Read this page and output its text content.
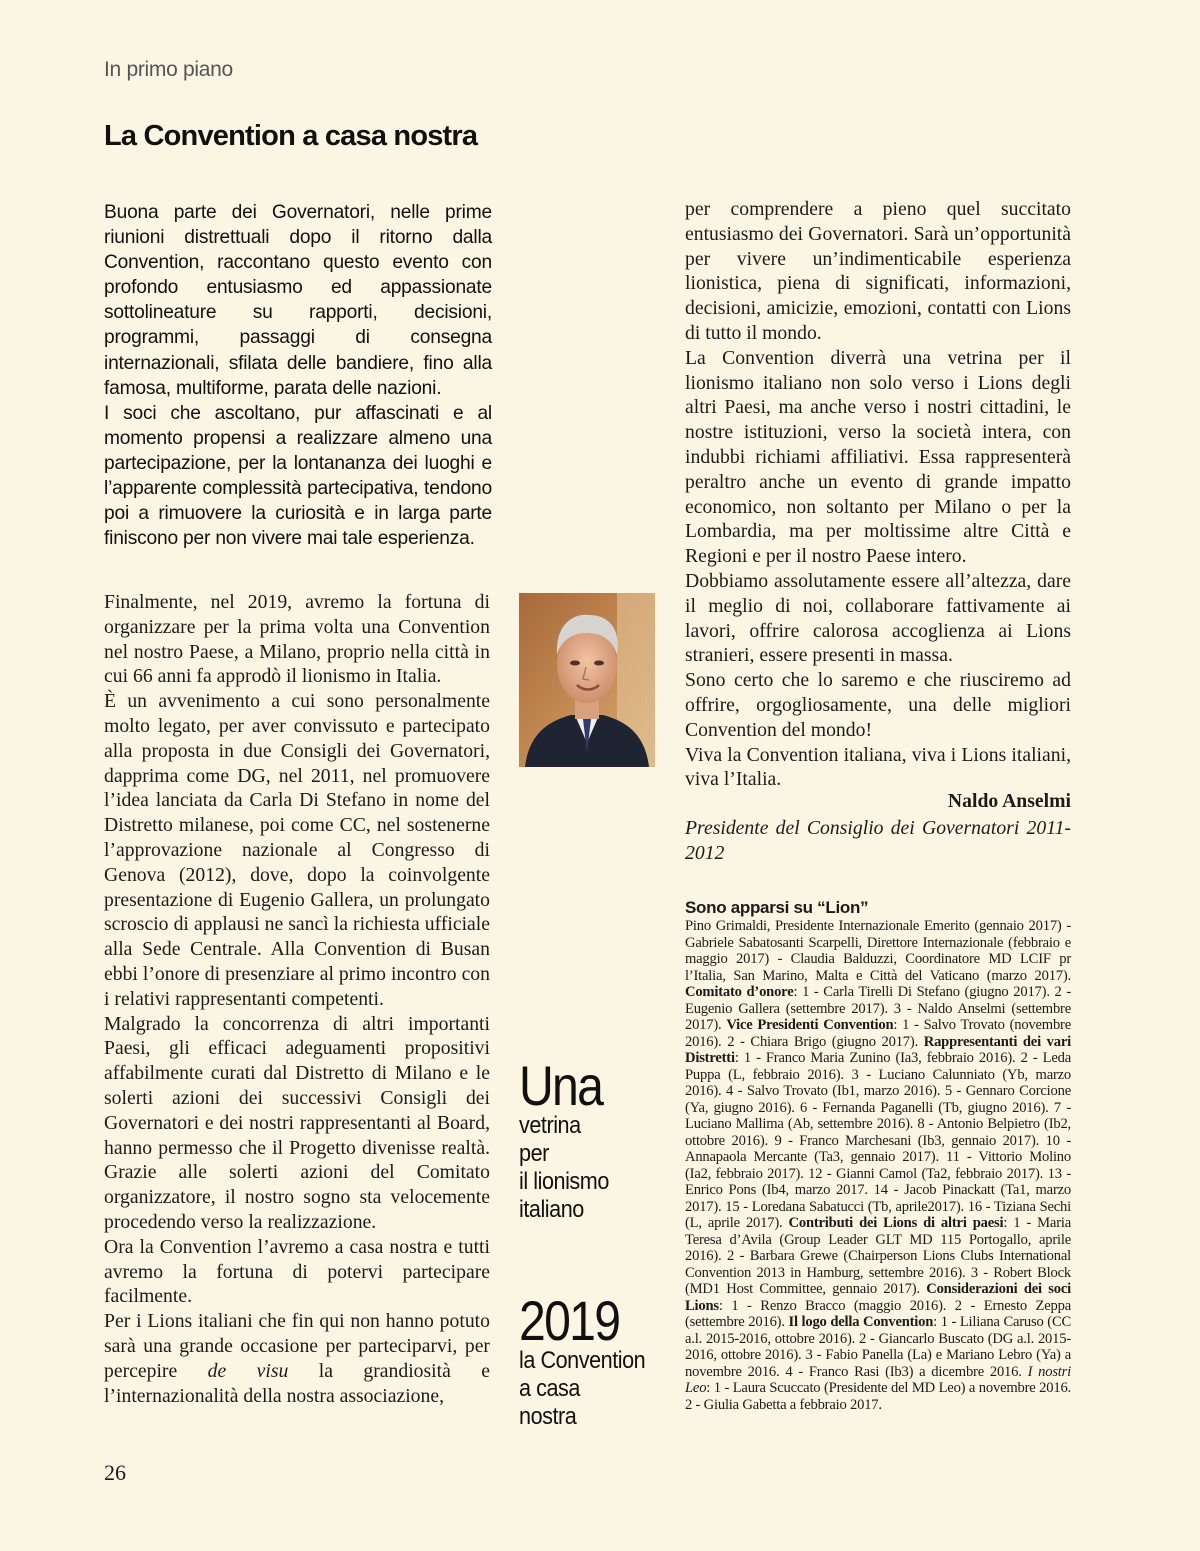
In primo piano
La Convention a casa nostra

Buona parte dei Governatori, nelle prime riunioni distrettuali dopo il ritorno dalla Convention, raccontano questo evento con profondo entusiasmo ed appassionate sottolineature su rapporti, decisioni, programmi, passaggi di consegna internazionali, sfilata delle bandiere, fino alla famosa, multiforme, parata delle nazioni.

I soci che ascoltano, pur affascinati e al momento propensi a realizzare almeno una partecipazione, per la lontananza dei luoghi e l’apparente complessità partecipativa, tendono poi a rimuovere la curiosità e in larga parte finiscono per non vivere mai tale esperienza.

Finalmente, nel 2019, avremo la fortuna di organizzare per la prima volta una Convention nel nostro Paese, a Milano, proprio nella città in cui 66 anni fa approdò il lionismo in Italia.

È un avvenimento a cui sono personalmente molto legato, per aver convissuto e partecipato alla proposta in due Consigli dei Governatori, dapprima come DG, nel 2011, nel promuovere l’idea lanciata da Carla Di Stefano in nome del Distretto milanese, poi come CC, nel sostenerne l’approvazione nazionale al Congresso di Genova (2012), dove, dopo la coinvolgente presentazione di Eugenio Gallera, un prolungato scroscio di applausi ne sancì la richiesta ufficiale alla Sede Centrale. Alla Convention di Busan ebbi l’onore di presenziare al primo incontro con i relativi rappresentanti competenti.

Malgrado la concorrenza di altri importanti Paesi, gli efficaci adeguamenti propositivi affabilmente curati dal Distretto di Milano e le solerti azioni dei successivi Consigli dei Governatori e dei nostri rappresentanti al Board, hanno permesso che il Progetto divenisse realtà. Grazie alle solerti azioni del Comitato organizzatore, il nostro sogno sta velocemente procedendo verso la realizzazione.

Ora la Convention l’avremo a casa nostra e tutti avremo la fortuna di potervi partecipare facilmente.

Per i Lions italiani che fin qui non hanno potuto sarà una grande occasione per parteciparvi, per percepire de visu la grandiosità e l’internazionalità della nostra associazione,

Una
vetrina
per
il lionismo
italiano
2019
la Convention
a casa
nostra

per comprendere a pieno quel succitato entusiasmo dei Governatori. Sarà un’opportunità per vivere un’indimenticabile esperienza lionistica, piena di significati, informazioni, decisioni, amicizie, emozioni, contatti con Lions di tutto il mondo.

La Convention diverrà una vetrina per il lionismo italiano non solo verso i Lions degli altri Paesi, ma anche verso i nostri cittadini, le nostre istituzioni, verso la società intera, con indubbi richiami affiliativi. Essa rappresenterà peraltro anche un evento di grande impatto economico, non soltanto per Milano o per la Lombardia, ma per moltissime altre Città e Regioni e per il nostro Paese intero.

Dobbiamo assolutamente essere all’altezza, dare il meglio di noi, collaborare fattivamente ai lavori, offrire calorosa accoglienza ai Lions stranieri, essere presenti in massa.

Sono certo che lo saremo e che riusciremo ad offrire, orgogliosamente, una delle migliori Convention del mondo!

Viva la Convention italiana, viva i Lions italiani, viva l’Italia.

Naldo Anselmi
Presidente del Consiglio dei Governatori 2011-2012
Sono apparsi su “Lion”
Pino Grimaldi, Presidente Internazionale Emerito (gennaio 2017) - Gabriele Sabatosanti Scarpelli, Direttore Internazionale (febbraio e maggio 2017) - Claudia Balduzzi, Coordinatore MD LCIF pr l’Italia, San Marino, Malta e Città del Vaticano (marzo 2017). Comitato d’onore: 1 - Carla Tirelli Di Stefano (giugno 2017). 2 - Eugenio Gallera (settembre 2017). 3 - Naldo Anselmi (settembre 2017). Vice Presidenti Convention: 1 - Salvo Trovato (novembre 2016). 2 - Chiara Brigo (giugno 2017). Rappresentanti dei vari Distretti: 1 - Franco Maria Zunino (Ia3, febbraio 2016). 2 - Leda Puppa (L, febbraio 2016). 3 - Luciano Calunniato (Yb, marzo 2016). 4 - Salvo Trovato (Ib1, marzo 2016). 5 - Gennaro Corcione (Ya, giugno 2016). 6 - Fernanda Paganelli (Tb, giugno 2016). 7 - Luciano Mallima (Ab, settembre 2016). 8 - Antonio Belpietro (Ib2, ottobre 2016). 9 - Franco Marchesani (Ib3, gennaio 2017). 10 - Annapaola Mercante (Ta3, gennaio 2017). 11 - Vittorio Molino (Ia2, febbraio 2017). 12 - Gianni Camol (Ta2, febbraio 2017). 13 - Enrico Pons (Ib4, marzo 2017. 14 - Jacob Pinackatt (Ta1, marzo 2017). 15 - Loredana Sabatucci (Tb, aprile2017). 16 - Tiziana Sechi (L, aprile 2017). Contributi dei Lions di altri paesi: 1 - Maria Teresa d’Avila (Group Leader GLT MD 115 Portogallo, aprile 2016). 2 - Barbara Grewe (Chairperson Lions Clubs International Convention 2013 in Hamburg, settembre 2016). 3 - Robert Block (MD1 Host Committee, gennaio 2017). Considerazioni dei soci Lions: 1 - Renzo Bracco (maggio 2016). 2 - Ernesto Zeppa (settembre 2016). Il logo della Convention: 1 - Liliana Caruso (CC a.l. 2015-2016, ottobre 2016). 2 - Giancarlo Buscato (DG a.l. 2015-2016, ottobre 2016). 3 - Fabio Panella (La) e Mariano Lebro (Ya) a novembre 2016. 4 - Franco Rasi (Ib3) a dicembre 2016. I nostri Leo: 1 - Laura Scuccato (Presidente del MD Leo) a novembre 2016. 2 - Giulia Gabetta a febbraio 2017.
26
